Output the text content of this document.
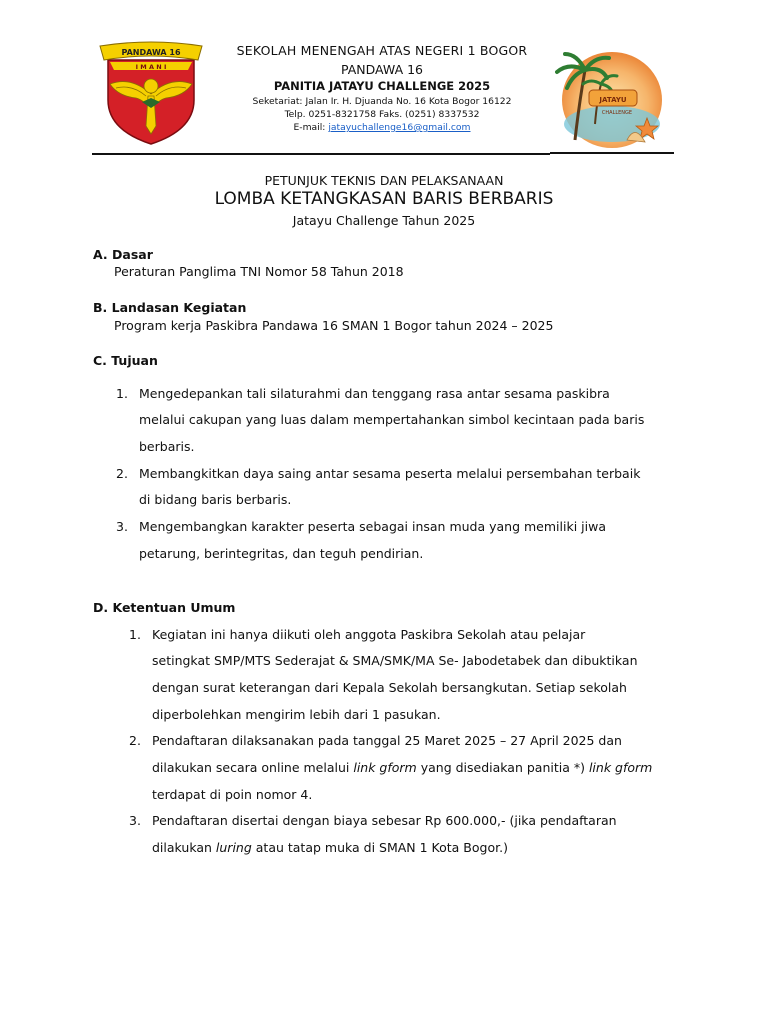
PANDAWA 16
I M A N I
JATAYU
CHALLENGE
SEKOLAH MENENGAH ATAS NEGERI 1 BOGOR
PANDAWA 16
PANITIA JATAYU CHALLENGE 2025
Seketariat: Jalan Ir. H. Djuanda No. 16 Kota Bogor 16122
Telp. 0251-8321758 Faks. (0251) 8337532
E-mail: jatayuchallenge16@gmail.com
PETUNJUK TEKNIS DAN PELAKSANAAN
LOMBA KETANGKASAN BARIS BERBARIS
Jatayu Challenge Tahun 2025
A. Dasar
Peraturan Panglima TNI Nomor 58 Tahun 2018
B. Landasan Kegiatan
Program kerja Paskibra Pandawa 16 SMAN 1 Bogor tahun 2024 – 2025
C. Tujuan
1. Mengedepankan tali silaturahmi dan tenggang rasa antar sesama paskibra
melalui cakupan yang luas dalam mempertahankan simbol kecintaan pada baris
berbaris.
2. Membangkitkan daya saing antar sesama peserta melalui persembahan terbaik
di bidang baris berbaris.
3. Mengembangkan karakter peserta sebagai insan muda yang memiliki jiwa
petarung, berintegritas, dan teguh pendirian.
D. Ketentuan Umum
1. Kegiatan ini hanya diikuti oleh anggota Paskibra Sekolah atau pelajar
setingkat SMP/MTS Sederajat & SMA/SMK/MA Se- Jabodetabek dan dibuktikan
dengan surat keterangan dari Kepala Sekolah bersangkutan. Setiap sekolah
diperbolehkan mengirim lebih dari 1 pasukan.
2. Pendaftaran dilaksanakan pada tanggal 25 Maret 2025 – 27 April 2025 dan
dilakukan secara online melalui link gform yang disediakan panitia *) link gform
terdapat di poin nomor 4.
3. Pendaftaran disertai dengan biaya sebesar Rp 600.000,- (jika pendaftaran
dilakukan luring atau tatap muka di SMAN 1 Kota Bogor.)
